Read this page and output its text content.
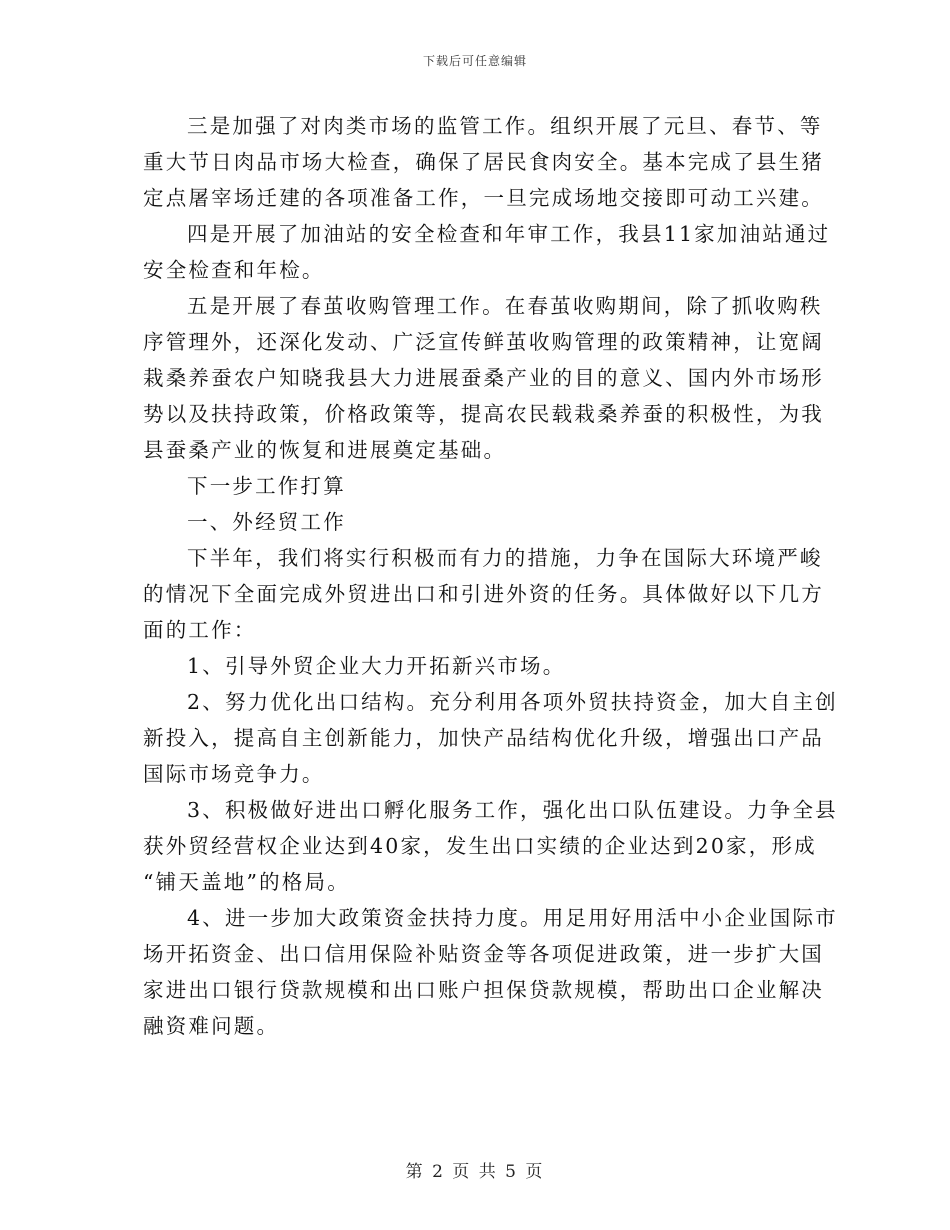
下载后可任意编辑
三是加强了对肉类市场的监管工作。组织开展了元旦、春节、等
重大节日肉品市场大检查，确保了居民食肉安全。基本完成了县生猪
定点屠宰场迁建的各项准备工作，一旦完成场地交接即可动工兴建。
四是开展了加油站的安全检查和年审工作，我县11家加油站通过
安全检查和年检。
五是开展了春茧收购管理工作。在春茧收购期间，除了抓收购秩
序管理外，还深化发动、广泛宣传鲜茧收购管理的政策精神，让宽阔
栽桑养蚕农户知晓我县大力进展蚕桑产业的目的意义、国内外市场形
势以及扶持政策，价格政策等，提高农民载栽桑养蚕的积极性，为我
县蚕桑产业的恢复和进展奠定基础。
下一步工作打算
一、外经贸工作
下半年，我们将实行积极而有力的措施，力争在国际大环境严峻
的情况下全面完成外贸进出口和引进外资的任务。具体做好以下几方
面的工作：
1、引导外贸企业大力开拓新兴市场。
2、努力优化出口结构。充分利用各项外贸扶持资金，加大自主创
新投入，提高自主创新能力，加快产品结构优化升级，增强出口产品
国际市场竞争力。
3、积极做好进出口孵化服务工作，强化出口队伍建设。力争全县
获外贸经营权企业达到40家，发生出口实绩的企业达到20家，形成
“铺天盖地”的格局。
4、进一步加大政策资金扶持力度。用足用好用活中小企业国际市
场开拓资金、出口信用保险补贴资金等各项促进政策，进一步扩大国
家进出口银行贷款规模和出口账户担保贷款规模，帮助出口企业解决
融资难问题。
第 2 页 共 5 页
